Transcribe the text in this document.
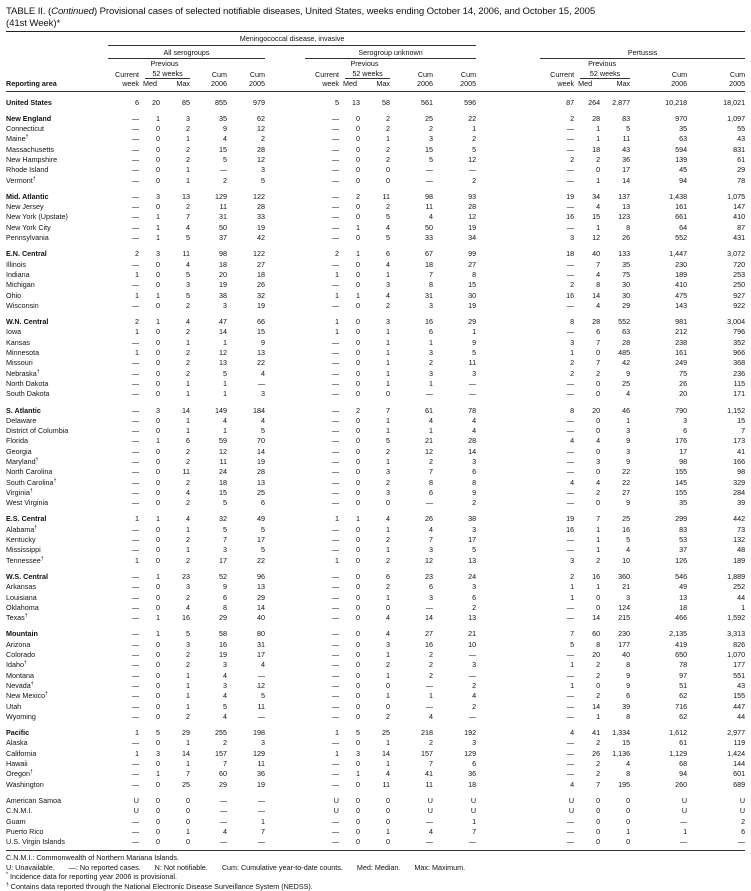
TABLE II. (Continued) Provisional cases of selected notifiable diseases, United States, weeks ending October 14, 2006, and October 15, 2005
(41st Week)*

	Meningococcal disease, invasive														

	All serogroups					Serogroup unknown					Pertussis				

		Previous					Previous					Previous			
	Current	52 weeks		Cum	Cum	Current	52 weeks		Cum	Cum	Current	52 weeks		Cum	Cum
Reporting area	week	Med	Max	2006	2005	week	Med	Max	2006	2005	week	Med	Max	2006	2005

United States	6	20	85	855	979	5	13	58	561	596	87	264	2,877	10,218	18,021

New England	—	1	3	35	62	—	0	2	25	22	2	28	83	970	1,097
Connecticut	—	0	2	9	12	—	0	2	2	1	—	1	5	35	55
Maine†	—	0	1	4	2	—	0	1	3	2	—	1	11	63	43
Massachusetts	—	0	2	15	28	—	0	2	15	5	—	18	43	594	831
New Hampshire	—	0	2	5	12	—	0	2	5	12	2	2	36	139	61
Rhode Island	—	0	1	—	3	—	0	0	—	—	—	0	17	45	29
Vermont†	—	0	1	2	5	—	0	0	—	2	—	1	14	94	78

Mid. Atlantic	—	3	13	129	122	—	2	11	98	93	19	34	137	1,438	1,075
New Jersey	—	0	2	11	28	—	0	2	11	28	—	4	13	161	147
New York (Upstate)	—	1	7	31	33	—	0	5	4	12	16	15	123	661	410
New York City	—	1	4	50	19	—	1	4	50	19	—	1	8	64	87
Pennsylvania	—	1	5	37	42	—	0	5	33	34	3	12	26	552	431

E.N. Central	2	3	11	98	122	2	1	6	67	99	18	40	133	1,447	3,072
Illinois	—	0	4	18	27	—	0	4	18	27	—	7	35	230	720
Indiana	1	0	5	20	18	1	0	1	7	8	—	4	75	189	253
Michigan	—	0	3	19	26	—	0	3	8	15	2	8	30	410	250
Ohio	1	1	5	38	32	1	1	4	31	30	16	14	30	475	927
Wisconsin	—	0	2	3	19	—	0	2	3	19	—	4	29	143	922

W.N. Central	2	1	4	47	66	1	0	3	16	29	8	28	552	981	3,004
Iowa	1	0	2	14	15	1	0	1	6	1	—	6	63	212	796
Kansas	—	0	1	1	9	—	0	1	1	9	3	7	28	238	352
Minnesota	1	0	2	12	13	—	0	1	3	5	1	0	485	161	966
Missouri	—	0	2	13	22	—	0	1	2	11	2	7	42	249	368
Nebraska†	—	0	2	5	4	—	0	1	3	3	2	2	9	75	236
North Dakota	—	0	1	1	—	—	0	1	1	—	—	0	25	26	115
South Dakota	—	0	1	1	3	—	0	0	—	—	—	0	4	20	171

S. Atlantic	—	3	14	149	184	—	2	7	61	78	8	20	46	790	1,152
Delaware	—	0	1	4	4	—	0	1	4	4	—	0	1	3	15
District of Columbia	—	0	1	1	5	—	0	1	1	4	—	0	3	6	7
Florida	—	1	6	59	70	—	0	5	21	28	4	4	9	176	173
Georgia	—	0	2	12	14	—	0	2	12	14	—	0	3	17	41
Maryland†	—	0	2	11	19	—	0	1	2	3	—	3	9	98	166
North Carolina	—	0	11	24	28	—	0	3	7	6	—	0	22	155	98
South Carolina†	—	0	2	18	13	—	0	2	8	8	4	4	22	145	329
Virginia†	—	0	4	15	25	—	0	3	6	9	—	2	27	155	284
West Virginia	—	0	2	5	6	—	0	0	—	2	—	0	9	35	39

E.S. Central	1	1	4	32	49	1	1	4	26	38	19	7	25	299	442
Alabama†	—	0	1	5	5	—	0	1	4	3	16	1	16	83	73
Kentucky	—	0	2	7	17	—	0	2	7	17	—	1	5	53	132
Mississippi	—	0	1	3	5	—	0	1	3	5	—	1	4	37	48
Tennessee†	1	0	2	17	22	1	0	2	12	13	3	2	10	126	189

W.S. Central	—	1	23	52	96	—	0	6	23	24	2	16	360	546	1,889
Arkansas	—	0	3	9	13	—	0	2	6	3	1	1	21	49	252
Louisiana	—	0	2	6	29	—	0	1	3	6	1	0	3	13	44
Oklahoma	—	0	4	8	14	—	0	0	—	2	—	0	124	18	1
Texas†	—	1	16	29	40	—	0	4	14	13	—	14	215	466	1,592

Mountain	—	1	5	58	80	—	0	4	27	21	7	60	230	2,135	3,313
Arizona	—	0	3	16	31	—	0	3	16	10	5	8	177	419	826
Colorado	—	0	2	19	17	—	0	1	2	—	—	20	40	650	1,070
Idaho†	—	0	2	3	4	—	0	2	2	3	1	2	8	78	177
Montana	—	0	1	4	—	—	0	1	2	—	—	2	9	97	551
Nevada†	—	0	1	3	12	—	0	0	—	2	1	0	9	51	43
New Mexico†	—	0	1	4	5	—	0	1	1	4	—	2	6	62	155
Utah	—	0	1	5	11	—	0	0	—	2	—	14	39	716	447
Wyoming	—	0	2	4	—	—	0	2	4	—	—	1	8	62	44

Pacific	1	5	29	255	198	1	5	25	218	192	4	41	1,334	1,612	2,977
Alaska	—	0	1	2	3	—	0	1	2	3	—	2	15	61	119
California	1	3	14	157	129	1	3	14	157	129	—	26	1,136	1,129	1,424
Hawaii	—	0	1	7	11	—	0	1	7	6	—	2	4	68	144
Oregon†	—	1	7	60	36	—	1	4	41	36	—	2	8	94	601
Washington	—	0	25	29	19	—	0	11	11	18	4	7	195	260	689

American Samoa	U	0	0	—	—	U	0	0	U	U	U	0	0	U	U
C.N.M.I.	U	0	0	—	—	U	0	0	U	U	U	0	0	U	U
Guam	—	0	0	—	1	—	0	0	—	1	—	0	0	—	2
Puerto Rico	—	0	1	4	7	—	0	1	4	7	—	0	1	1	6
U.S. Virgin Islands	—	0	0	—	—	—	0	0	—	—	—	0	0	—	—
C.N.M.I.: Commonwealth of Northern Mariana Islands.
U: Unavailable. —: No reported cases. N: Not notifiable. Cum: Cumulative year-to-date counts. Med: Median. Max: Maximum.
* Incidence data for reporting year 2006 is provisional.
† Contains data reported through the National Electronic Disease Surveillance System (NEDSS).
